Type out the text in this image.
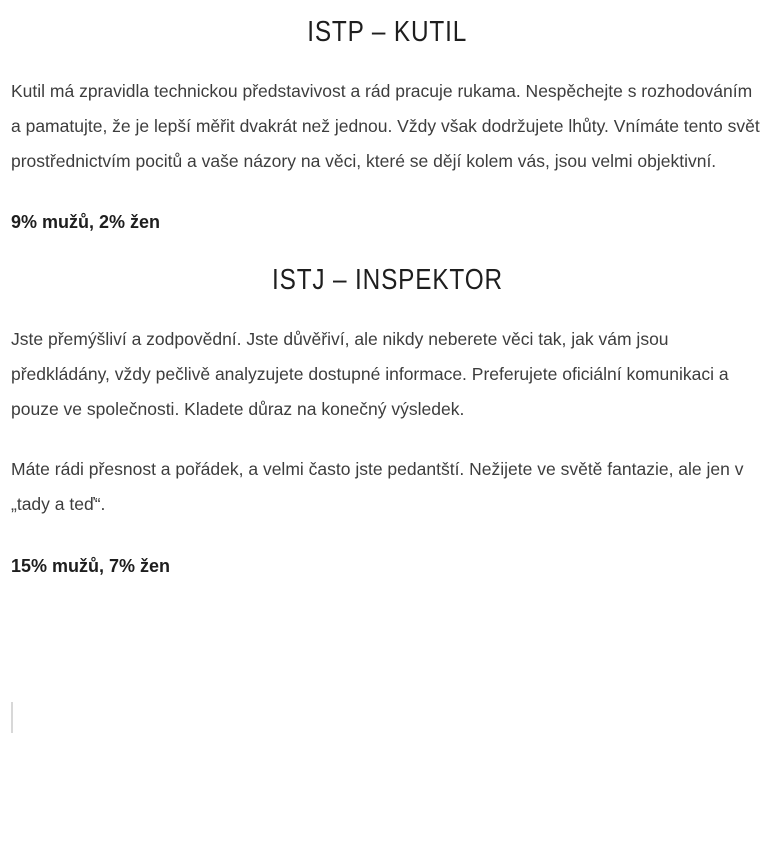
ISTP – KUTIL

Kutil má zpravidla technickou představivost a rád pracuje rukama. Nespěchejte s rozhodováním a pamatujte, že je lepší měřit dvakrát než jednou. Vždy však dodržujete lhůty. Vnímáte tento svět prostřednictvím pocitů a vaše názory na věci, které se dějí kolem vás, jsou velmi objektivní.

9% mužů, 2% žen

ISTJ – INSPEKTOR

Jste přemýšliví a zodpovědní. Jste důvěřiví, ale nikdy neberete věci tak, jak vám jsou předkládány, vždy pečlivě analyzujete dostupné informace. Preferujete oficiální komunikaci a pouze ve společnosti. Kladete důraz na konečný výsledek.

Máte rádi přesnost a pořádek, a velmi často jste pedantští. Nežijete ve světě fantazie, ale jen v „tady a teď“.

15% mužů, 7% žen
